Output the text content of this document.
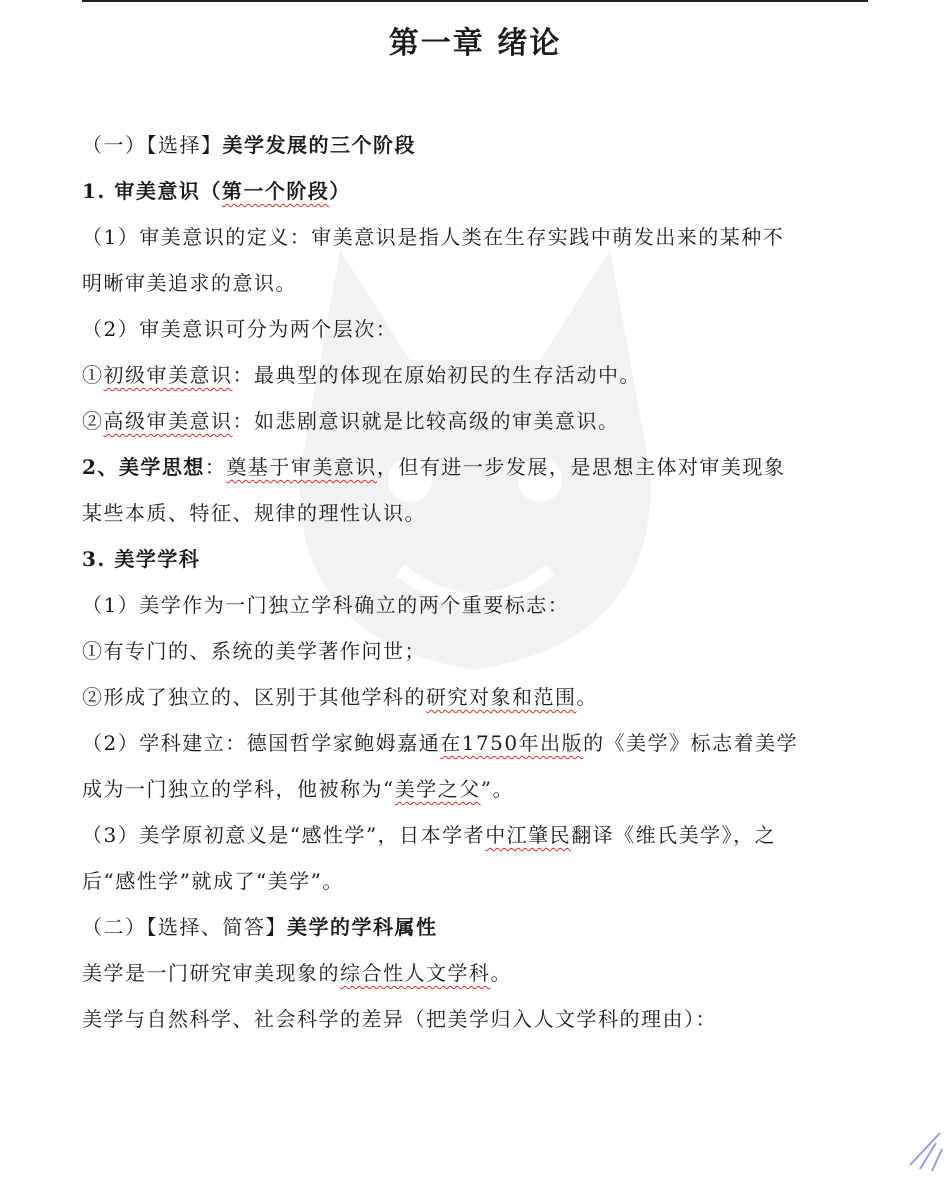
第一章 绪论
（一）【选择】美学发展的三个阶段
1. 审美意识（第一个阶段）
（1）审美意识的定义：审美意识是指人类在生存实践中萌发出来的某种不
明晰审美追求的意识。
（2）审美意识可分为两个层次：
①初级审美意识：最典型的体现在原始初民的生存活动中。
②高级审美意识：如悲剧意识就是比较高级的审美意识。
2、美学思想：奠基于审美意识，但有进一步发展，是思想主体对审美现象
某些本质、特征、规律的理性认识。
3. 美学学科
（1）美学作为一门独立学科确立的两个重要标志：
①有专门的、系统的美学著作问世；
②形成了独立的、区别于其他学科的研究对象和范围。
（2）学科建立：德国哲学家鲍姆嘉通在1750年出版的《美学》标志着美学
成为一门独立的学科，他被称为“美学之父”。
（3）美学原初意义是“感性学”，日本学者中江肇民翻译《维氏美学》，之
后“感性学”就成了“美学”。
（二）【选择、简答】美学的学科属性
美学是一门研究审美现象的综合性人文学科。
美学与自然科学、社会科学的差异（把美学归入人文学科的理由）：
